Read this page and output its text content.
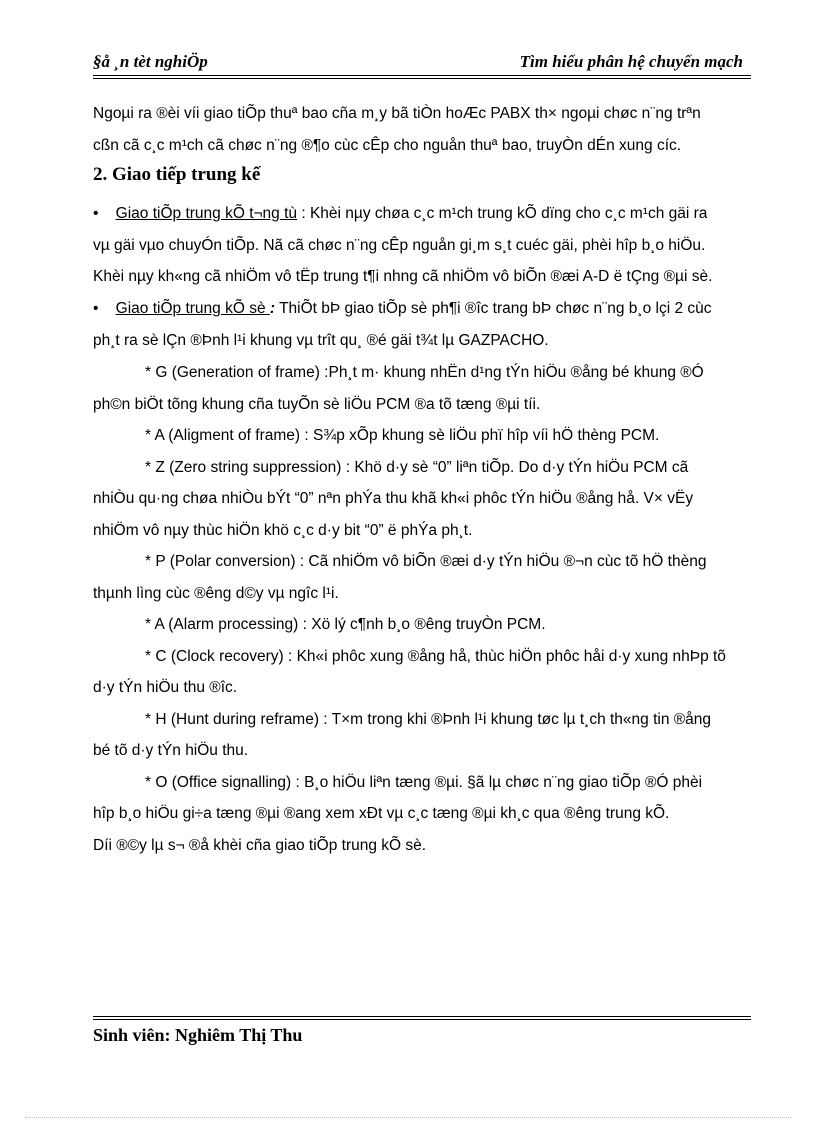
§å ¸n tèt nghiÖp	Tìm hiểu phân hệ chuyển mạch
Ngoµi ra ®èi víi giao tiÕp thuª bao cña m¸y bã tiÒn hoÆc PABX th× ngoµi chøc n¨ng trªn
cßn cã c¸c m¹ch cã chøc n¨ng ®¶o cùc cÊp cho nguån thuª bao, truyÒn dÉn xung cíc.
2. Giao tiếp trung kế
• Giao tiÕp trung kÕ t¬ng tù : Khèi nµy chøa c¸c m¹ch trung kÕ dïng cho c¸c m¹ch gäi ra
vµ gäi vµo chuyÓn tiÕp. Nã cã chøc n¨ng cÊp nguån gi¸m s¸t cuéc gäi, phèi hîp b¸o hiÖu.
Khèi nµy kh«ng cã nhiÖm vô tËp trung t¶i nhng cã nhiÖm vô biÕn ®æi A-D ë tÇng ®µi sè.
• Giao tiÕp trung kÕ sè : ThiÕt bÞ giao tiÕp sè ph¶i ®îc trang bÞ chøc n¨ng b¸o lçi 2 cùc
ph¸t ra sè lÇn ®Þnh l¹i khung vµ trît qu¸ ®é gäi t¾t lµ GAZPACHO.
* G (Generation of frame) :Ph¸t m· khung nhËn d¹ng tÝn hiÖu ®ång bé khung ®Ó
ph©n biÖt tõng khung cña tuyÕn sè liÖu PCM ®a tõ tæng ®µi tíi.
* A (Aligment of frame) : S¾p xÕp khung sè liÖu phï hîp víi hÖ thèng PCM.
* Z (Zero string suppression) : Khö d·y sè “0” liªn tiÕp. Do d·y tÝn hiÖu PCM cã
nhiÒu qu·ng chøa nhiÒu bÝt “0” nªn phÝa thu khã kh«i phôc tÝn hiÖu ®ång hå. V× vËy
nhiÖm vô nµy thùc hiÖn khö c¸c d·y bit “0” ë phÝa ph¸t.
* P (Polar conversion) : Cã nhiÖm vô biÕn ®æi d·y tÝn hiÖu ®¬n cùc tõ hÖ thèng
thµnh lìng cùc ®êng d©y vµ ngîc l¹i.
* A (Alarm processing) : Xö lý c¶nh b¸o ®êng truyÒn PCM.
* C (Clock recovery) : Kh«i phôc xung ®ång hå, thùc hiÖn phôc håi d·y xung nhÞp tõ
d·y tÝn hiÖu thu ®îc.
* H (Hunt during reframe) : T×m trong khi ®Þnh l¹i khung tøc lµ t¸ch th«ng tin ®ång
bé tõ d·y tÝn hiÖu thu.
* O (Office signalling) : B¸o hiÖu liªn tæng ®µi. §ã lµ chøc n¨ng giao tiÕp ®Ó phèi
hîp b¸o hiÖu gi÷a tæng ®µi ®ang xem xÐt vµ c¸c tæng ®µi kh¸c qua ®êng trung kÕ.
Díi ®©y lµ s¬ ®å khèi cña giao tiÕp trung kÕ sè.
Sinh viên: Nghiêm Thị Thu
